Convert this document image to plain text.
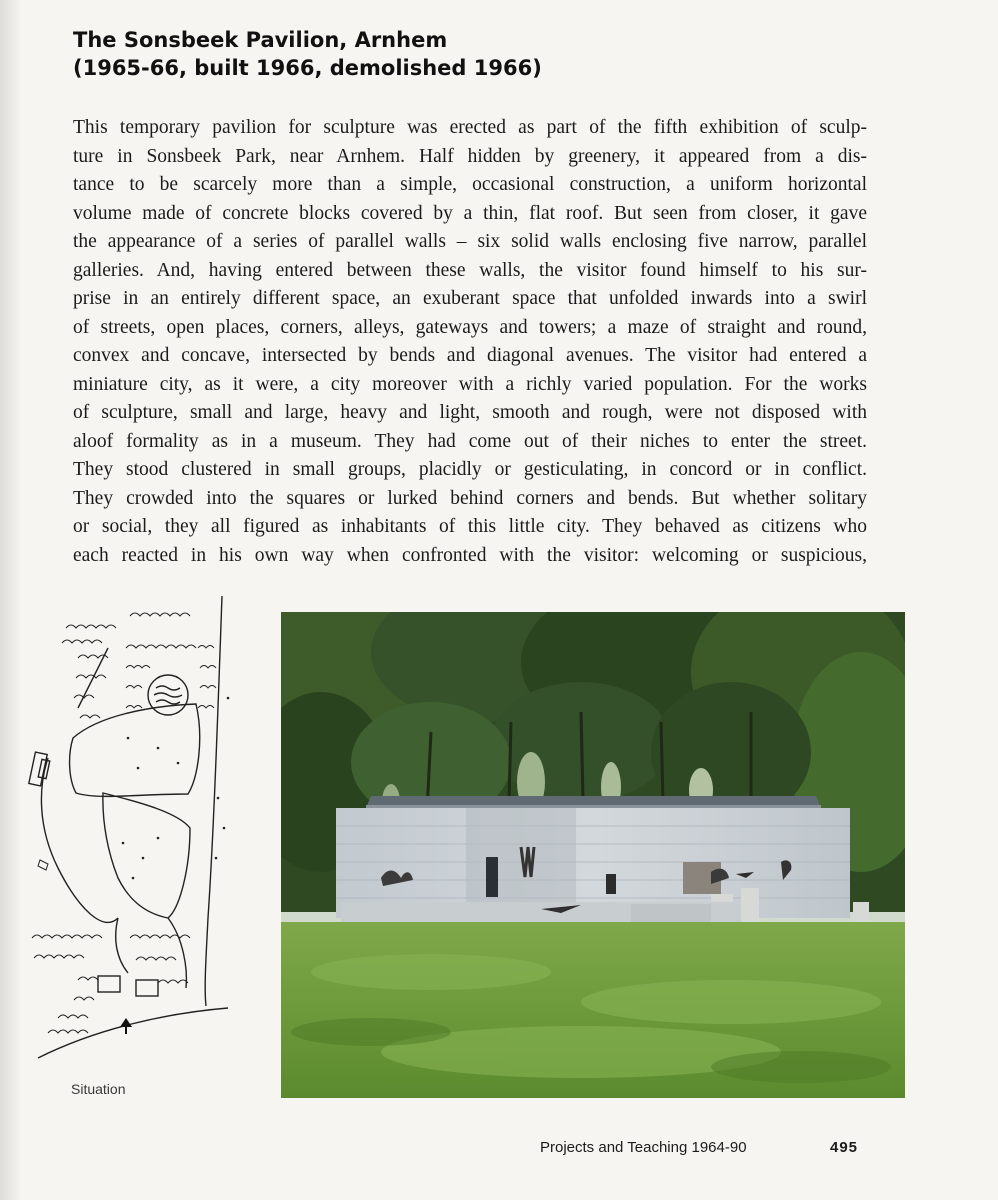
The Sonsbeek Pavilion, Arnhem
(1965-66, built 1966, demolished 1966)
This temporary pavilion for sculpture was erected as part of the fifth exhibition of sculp-
ture in Sonsbeek Park, near Arnhem. Half hidden by greenery, it appeared from a dis-
tance to be scarcely more than a simple, occasional construction, a uniform horizontal
volume made of concrete blocks covered by a thin, flat roof. But seen from closer, it gave
the appearance of a series of parallel walls – six solid walls enclosing five narrow, parallel
galleries. And, having entered between these walls, the visitor found himself to his sur-
prise in an entirely different space, an exuberant space that unfolded inwards into a swirl
of streets, open places, corners, alleys, gateways and towers; a maze of straight and round,
convex and concave, intersected by bends and diagonal avenues. The visitor had entered a
miniature city, as it were, a city moreover with a richly varied population. For the works
of sculpture, small and large, heavy and light, smooth and rough, were not disposed with
aloof formality as in a museum. They had come out of their niches to enter the street.
They stood clustered in small groups, placidly or gesticulating, in concord or in conflict.
They crowded into the squares or lurked behind corners and bends. But whether solitary
or social, they all figured as inhabitants of this little city. They behaved as citizens who
each reacted in his own way when confronted with the visitor: welcoming or suspicious,
Situation
Projects and Teaching 1964-90	495
